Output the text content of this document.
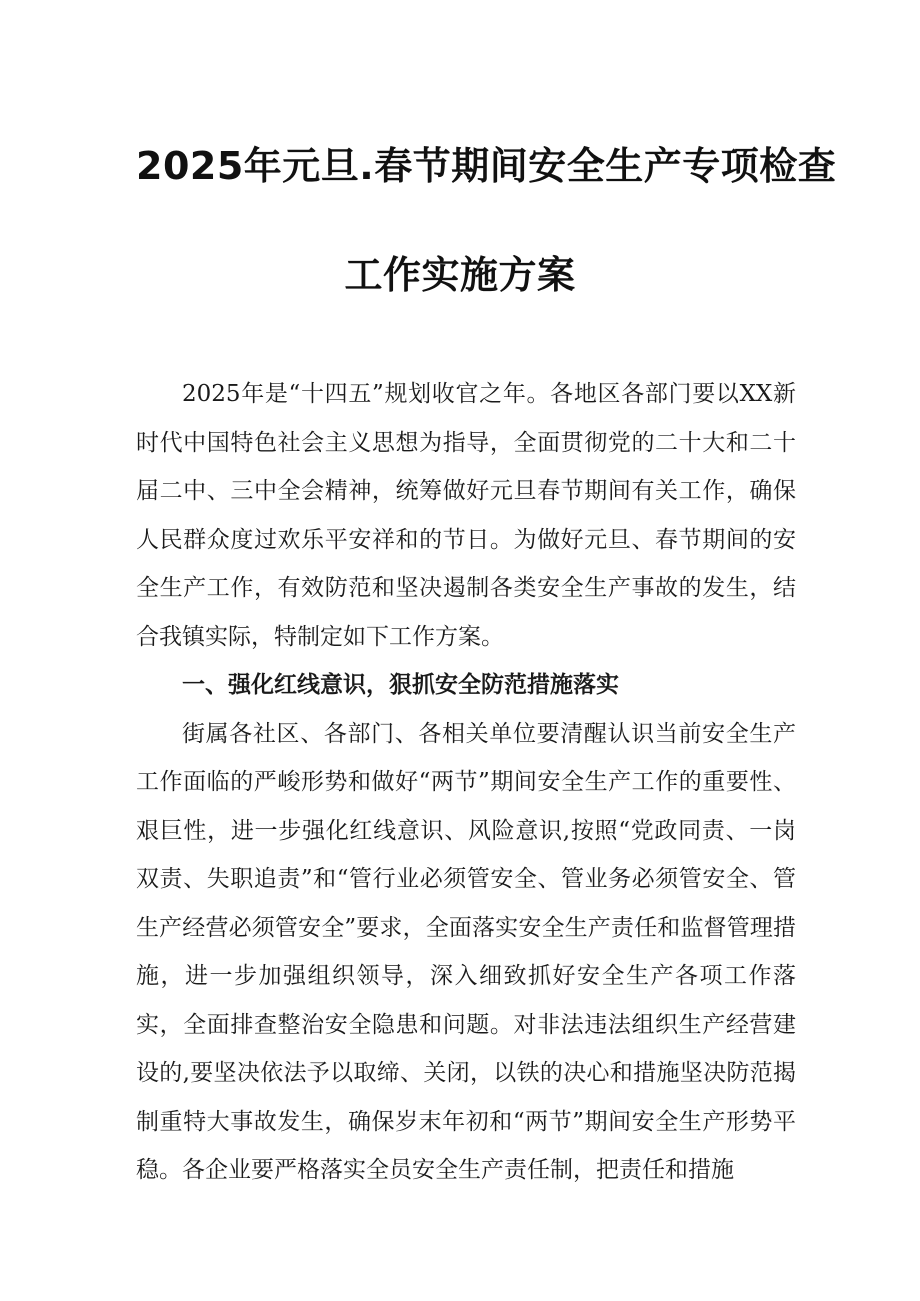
2025年元旦.春节期间安全生产专项检查
工作实施方案

2025年是“十四五”规划收官之年。各地区各部门要以XX新时代中国特色社会主义思想为指导，全面贯彻党的二十大和二十届二中、三中全会精神，统筹做好元旦春节期间有关工作，确保人民群众度过欢乐平安祥和的节日。为做好元旦、春节期间的安全生产工作，有效防范和坚决遏制各类安全生产事故的发生，结合我镇实际，特制定如下工作方案。

一、强化红线意识，狠抓安全防范措施落实

街属各社区、各部门、各相关单位要清醒认识当前安全生产工作面临的严峻形势和做好“两节”期间安全生产工作的重要性、艰巨性，进一步强化红线意识、风险意识,按照“党政同责、一岗双责、失职追责”和“管行业必须管安全、管业务必须管安全、管生产经营必须管安全”要求，全面落实安全生产责任和监督管理措施，进一步加强组织领导，深入细致抓好安全生产各项工作落实，全面排查整治安全隐患和问题。对非法违法组织生产经营建设的,要坚决依法予以取缔、关闭，以铁的决心和措施坚决防范揭制重特大事故发生，确保岁末年初和“两节”期间安全生产形势平稳。各企业要严格落实全员安全生产责任制，把责任和措施
